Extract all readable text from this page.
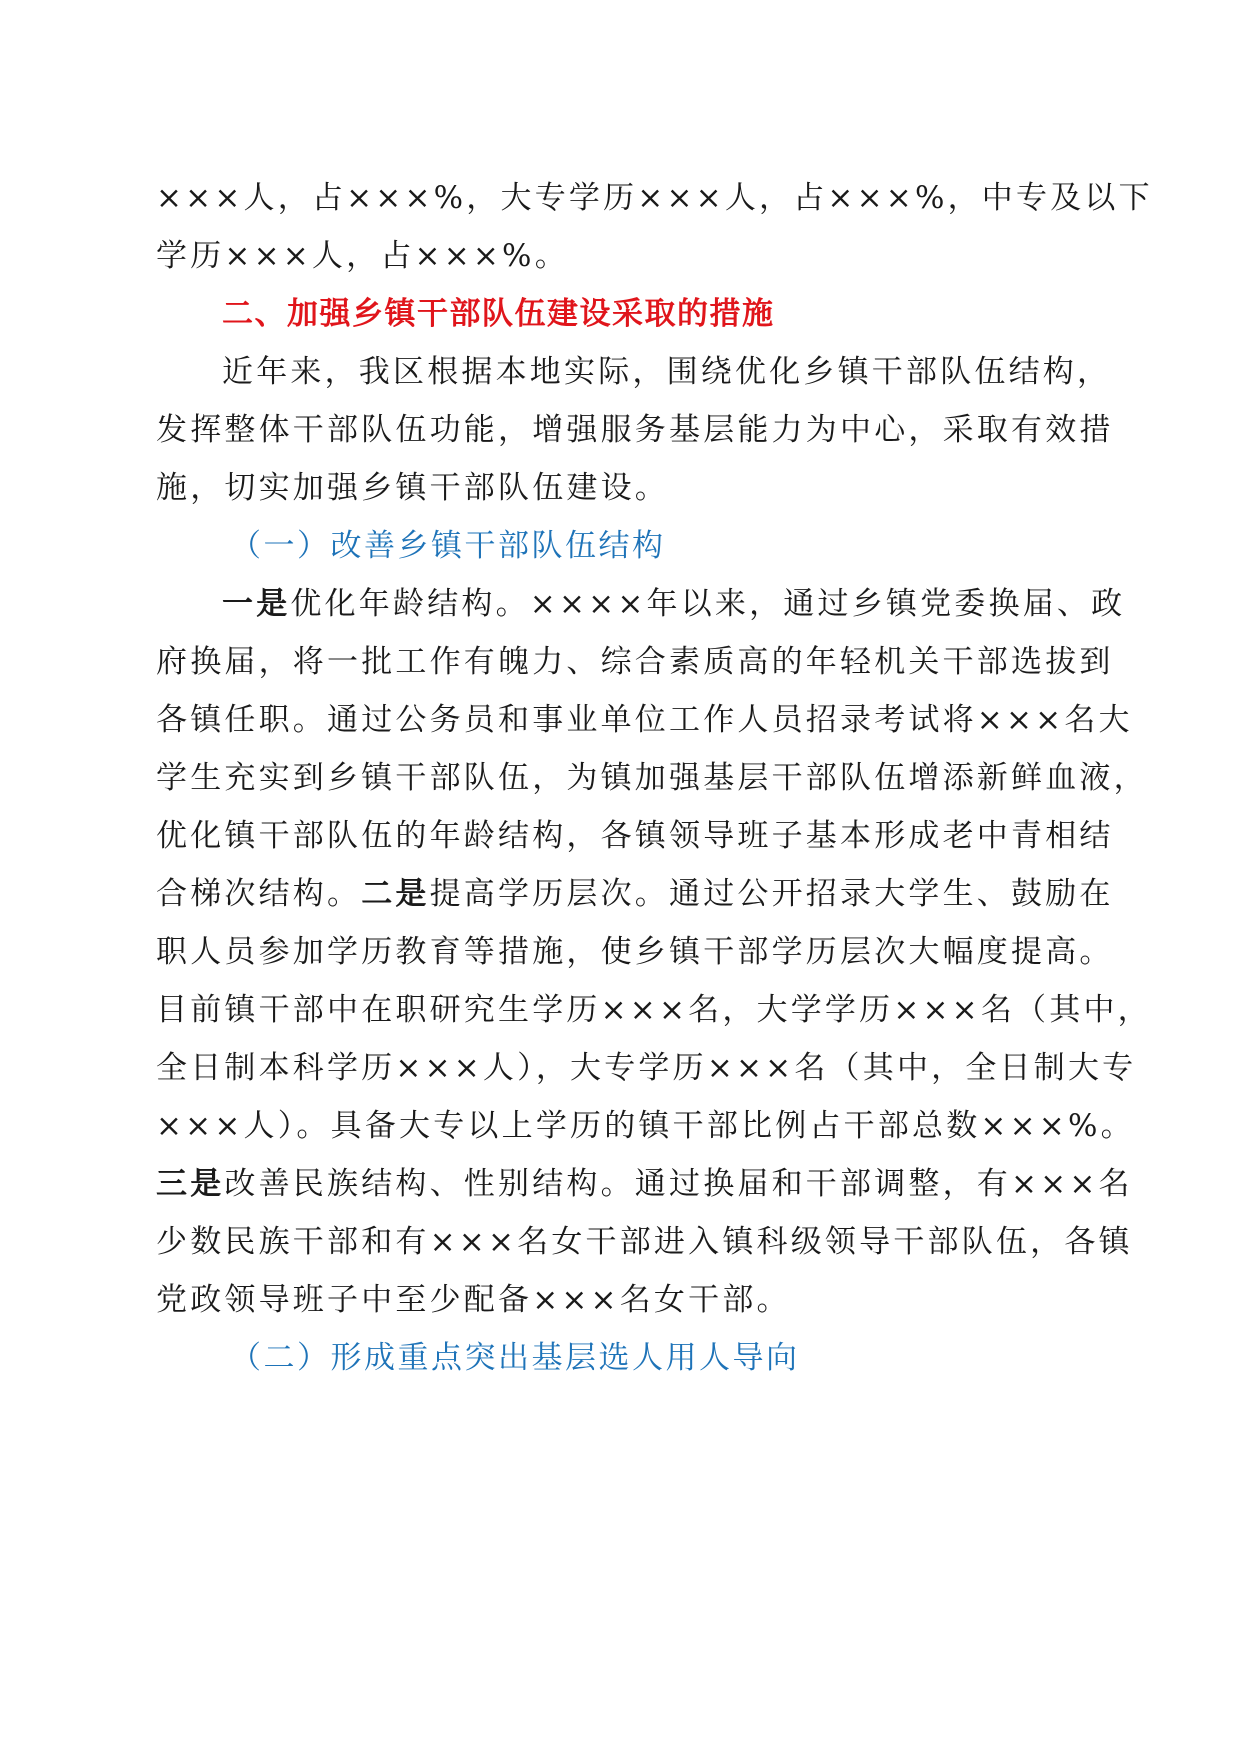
×××人，占×××%，大专学历×××人，占×××%，中专及以下
学历×××人，占×××%。
二、加强乡镇干部队伍建设采取的措施
近年来，我区根据本地实际，围绕优化乡镇干部队伍结构，
发挥整体干部队伍功能，增强服务基层能力为中心，采取有效措
施，切实加强乡镇干部队伍建设。
（一）改善乡镇干部队伍结构
一是优化年龄结构。××××年以来，通过乡镇党委换届、政
府换届，将一批工作有魄力、综合素质高的年轻机关干部选拔到
各镇任职。通过公务员和事业单位工作人员招录考试将×××名大
学生充实到乡镇干部队伍，为镇加强基层干部队伍增添新鲜血液，
优化镇干部队伍的年龄结构，各镇领导班子基本形成老中青相结
合梯次结构。二是提高学历层次。通过公开招录大学生、鼓励在
职人员参加学历教育等措施，使乡镇干部学历层次大幅度提高。
目前镇干部中在职研究生学历×××名，大学学历×××名（其中，
全日制本科学历×××人），大专学历×××名（其中，全日制大专
×××人）。具备大专以上学历的镇干部比例占干部总数×××%。
三是改善民族结构、性别结构。通过换届和干部调整，有×××名
少数民族干部和有×××名女干部进入镇科级领导干部队伍，各镇
党政领导班子中至少配备×××名女干部。
（二）形成重点突出基层选人用人导向
